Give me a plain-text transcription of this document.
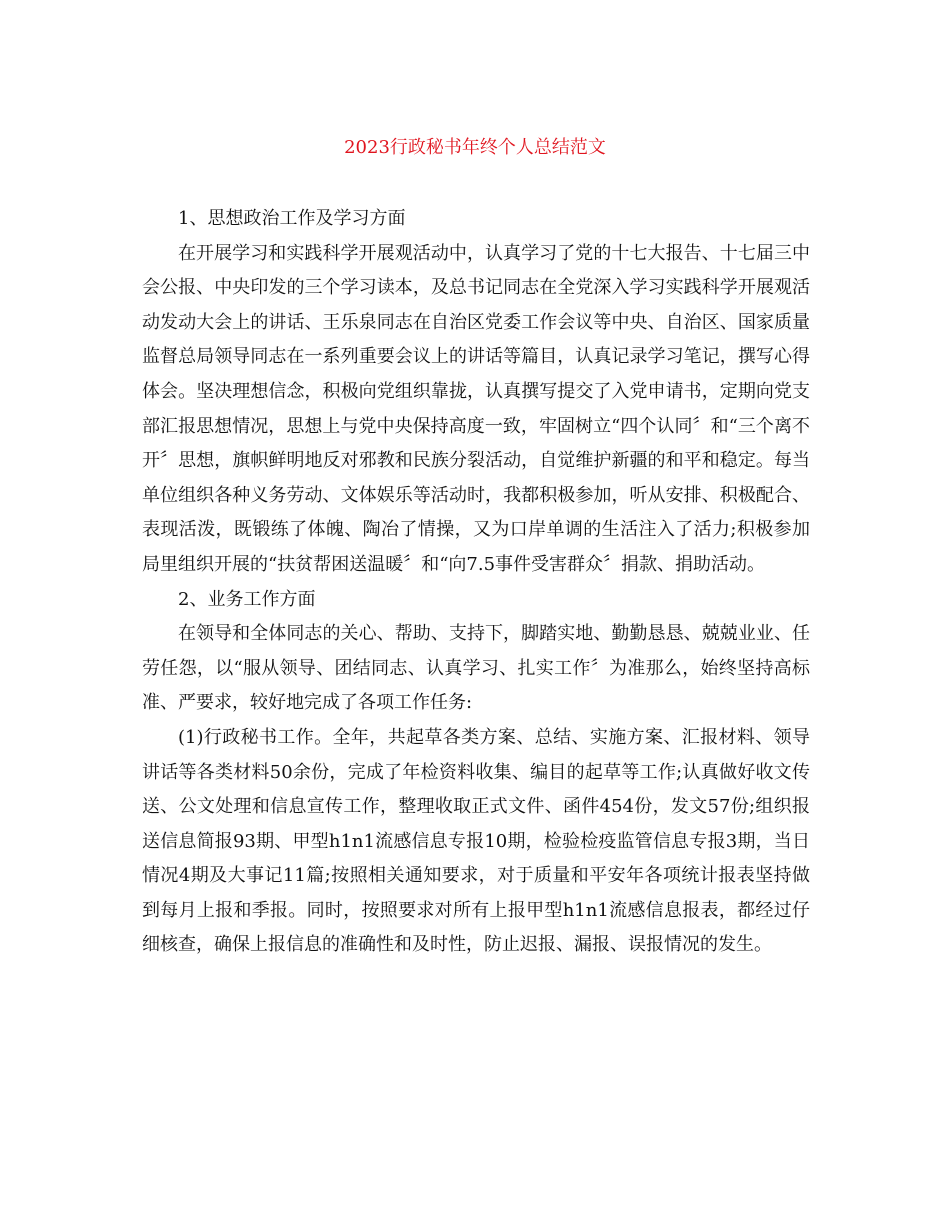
2023行政秘书年终个人总结范文

1、思想政治工作及学习方面

在开展学习和实践科学开展观活动中，认真学习了党的十七大报告、十七届三中会公报、中央印发的三个学习读本，及总书记同志在全党深入学习实践科学开展观活动发动大会上的讲话、王乐泉同志在自治区党委工作会议等中央、自治区、国家质量监督总局领导同志在一系列重要会议上的讲话等篇目，认真记录学习笔记，撰写心得体会。坚决理想信念，积极向党组织靠拢，认真撰写提交了入党申请书，定期向党支部汇报思想情况，思想上与党中央保持高度一致，牢固树立“四个认同〞和“三个离不开〞思想，旗帜鲜明地反对邪教和民族分裂活动，自觉维护新疆的和平和稳定。每当单位组织各种义务劳动、文体娱乐等活动时，我都积极参加，听从安排、积极配合、表现活泼，既锻练了体魄、陶冶了情操，又为口岸单调的生活注入了活力;积极参加局里组织开展的“扶贫帮困送温暖〞和“向7.5事件受害群众〞捐款、捐助活动。

2、业务工作方面

在领导和全体同志的关心、帮助、支持下，脚踏实地、勤勤恳恳、兢兢业业、任劳任怨，以“服从领导、团结同志、认真学习、扎实工作〞为准那么，始终坚持高标准、严要求，较好地完成了各项工作任务:

(1)行政秘书工作。全年，共起草各类方案、总结、实施方案、汇报材料、领导讲话等各类材料50余份，完成了年检资料收集、编目的起草等工作;认真做好收文传送、公文处理和信息宣传工作，整理收取正式文件、函件454份，发文57份;组织报送信息简报93期、甲型h1n1流感信息专报10期，检验检疫监管信息专报3期，当日情况4期及大事记11篇;按照相关通知要求，对于质量和平安年各项统计报表坚持做到每月上报和季报。同时，按照要求对所有上报甲型h1n1流感信息报表，都经过仔细核查，确保上报信息的准确性和及时性，防止迟报、漏报、误报情况的发生。
